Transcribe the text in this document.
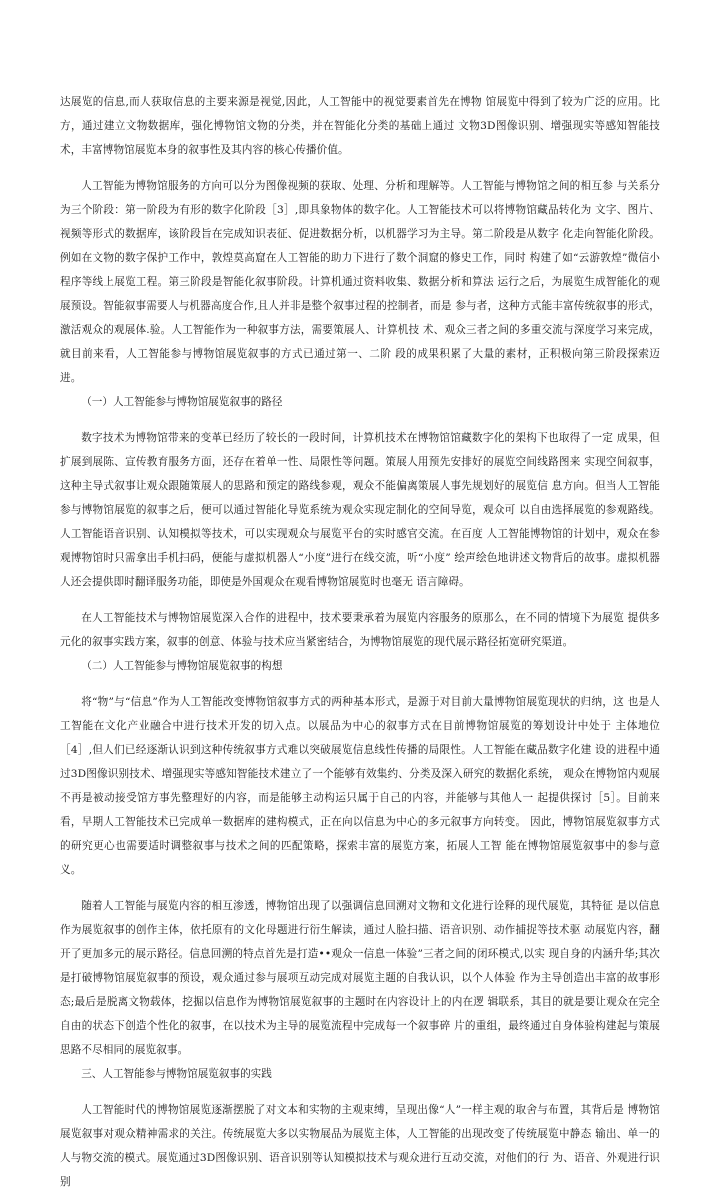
达展览的信息,而人获取信息的主要来源是视觉,因此，人工智能中的视觉要素首先在博物 馆展览中得到了较为广泛的应用。比方，通过建立文物数据库，强化博物馆文物的分类，并在智能化分类的基础上通过 文物3D图像识别、增强现实等感知智能技术，丰富博物馆展览本身的叙事性及其内容的核心传播价值。

人工智能为博物馆服务的方向可以分为图像视频的获取、处理、分析和理解等。人工智能与博物馆之间的相互参 与关系分为三个阶段：第一阶段为有形的数字化阶段［3］,即具象物体的数字化。人工智能技术可以将博物馆藏品转化为 文字、图片、视频等形式的数据库，该阶段旨在完成知识表征、促进数据分析，以机器学习为主导。第二阶段是从数字 化走向智能化阶段。例如在文物的数字保护工作中，敦煌莫高窟在人工智能的助力下进行了数个洞窟的修史工作，同时 构建了如“云游敦煌”微信小程序等线上展览工程。第三阶段是智能化叙事阶段。计算机通过资料收集、数据分析和算法 运行之后，为展览生成智能化的观展预设。智能叙事需要人与机器高度合作,且人并非是整个叙事过程的控制者，而是 参与者，这种方式能丰富传统叙事的形式，激活观众的观展体.验。人工智能作为一种叙事方法，需要策展人、计算机技 术、观众三者之间的多重交流与深度学习来完成，就目前来看，人工智能参与博物馆展览叙事的方式已通过第一、二阶 段的成果积累了大量的素材，正积极向第三阶段探索迈进。

（一）人工智能参与博物馆展览叙事的路径

数字技术为博物馆带来的变革已经历了较长的一段时间，计算机技术在博物馆馆藏数字化的架构下也取得了一定 成果，但扩展到展陈、宣传教育服务方面，还存在着单一性、局限性等问题。策展人用预先安排好的展览空间线路图来 实现空间叙事，这种主导式叙事让观众跟随策展人的思路和预定的路线参观，观众不能偏离策展人事先规划好的展览信 息方向。但当人工智能参与博物馆展览的叙事之后，便可以通过智能化导览系统为观众实现定制化的空间导览，观众可 以自由选择展览的参观路线。人工智能语音识别、认知模拟等技术，可以实现观众与展览平台的实时感官交流。在百度 人工智能博物馆的计划中，观众在参观博物馆时只需拿出手机扫码，便能与虚拟机器人“小度”进行在线交流，听“小度” 绘声绘色地讲述文物背后的故事。虚拟机器人还会提供即时翻译服务功能，即使是外国观众在观看博物馆展览时也毫无 语言障碍。

在人工智能技术与博物馆展览深入合作的进程中，技术要秉承着为展览内容服务的原那么，在不同的情境下为展览 提供多元化的叙事实践方案，叙事的创意、体验与技术应当紧密结合，为博物馆展览的现代展示路径拓宽研究渠道。

（二）人工智能参与博物馆展览叙事的构想

将“物”与“信息”作为人工智能改变博物馆叙事方式的两种基本形式，是源于对目前大量博物馆展览现状的归纳，这 也是人工智能在文化产业融合中进行技术开发的切入点。以展品为中心的叙事方式在目前博物馆展览的筹划设计中处于 主体地位［4］,但人们已经逐渐认识到这种传统叙事方式难以突破展览信息线性传播的局限性。人工智能在藏品数字化建 设的进程中通过3D图像识别技术、增强现实等感知智能技术建立了一个能够有效集约、分类及深入研究的数据化系统， 观众在博物馆内观展不再是被动接受馆方事先整理好的内容，而是能够主动构运只属于自己的内容，并能够与其他人一 起提供探讨［5］。目前来看，早期人工智能技术已完成单一数据库的建构模式，正在向以信息为中心的多元叙事方向转变。 因此，博物馆展览叙事方式的研究更心也需要适时调整叙事与技术之间的匹配策略，探索丰富的展览方案，拓展人工智 能在博物馆展览叙事中的参与意义。

随着人工智能与展览内容的相互渗透，博物馆出现了以强调信息回溯对文物和文化进行诠释的现代展览，其特征 是以信息作为展览叙事的创作主体，依托原有的文化母题进行衍生解读，通过人脸扫描、语音识别、动作捕捉等技术驱 动展览内容，翻开了更加多元的展示路径。信息回溯的特点首先是打造••观众一信息一体验”三者之间的闭环模式,以实 现自身的内涵升华;其次是打破博物馆展览叙事的预设，观众通过参与展项互动完成对展览主题的自我认识，以个人体验 作为主导创造出丰富的故事形态;最后是脱离文物载体，挖掘以信息作为博物馆展览叙事的主题时在内容设计上的内在逻 辑联系，其目的就是要让观众在完全自由的状态下创造个性化的叙事，在以技术为主导的展览流程中完成每一个叙事碎 片的重组，最终通过自身体验构建起与策展思路不尽相同的展览叙事。

三、人工智能参与博物馆展览叙事的实践

人工智能时代的博物馆展览逐渐摆脱了对文本和实物的主观束缚，呈现出像“人”一样主观的取舍与布置，其背后是 博物馆展览叙事对观众精神需求的关注。传统展览大多以实物展品为展览主体，人工智能的出现改变了传统展览中静态 输出、单一的人与物交流的模式。展览通过3D图像识别、语音识别等认知模拟技术与观众进行互动交流，对他们的行 为、语音、外观进行识别
